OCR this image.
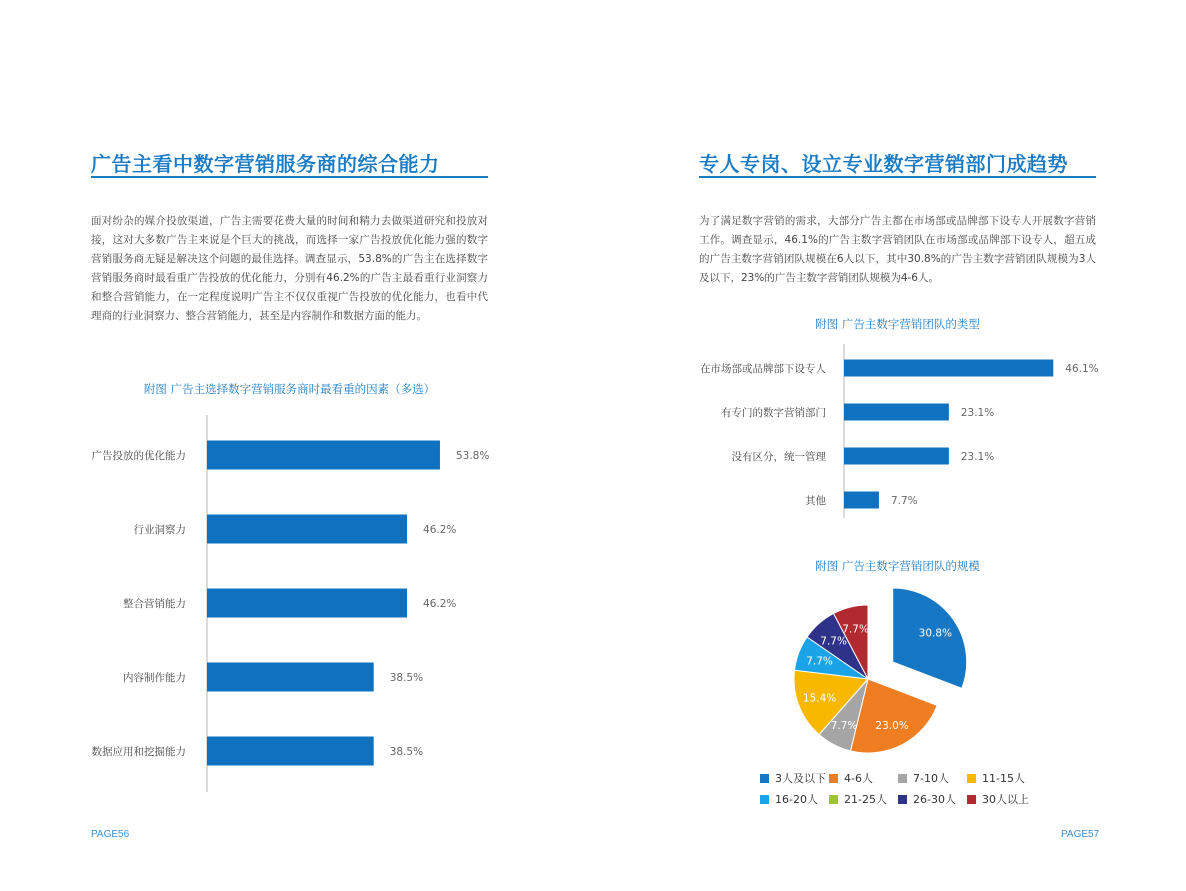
广告主看中数字营销服务商的综合能力
面对纷杂的媒介投放渠道，广告主需要花费大量的时间和精力去做渠道研究和投放对接，这对大多数广告主来说是个巨大的挑战，而选择一家广告投放优化能力强的数字营销服务商无疑是解决这个问题的最佳选择。调查显示，53.8%的广告主在选择数字营销服务商时最看重广告投放的优化能力，分别有46.2%的广告主最看重行业洞察力和整合营销能力，在一定程度说明广告主不仅仅重视广告投放的优化能力，也看中代理商的行业洞察力、整合营销能力，甚至是内容制作和数据方面的能力。
附图 广告主选择数字营销服务商时最看重的因素（多选）
广告投放的优化能力	53.8%
行业洞察力	46.2%
整合营销能力	46.2%
内容制作能力	38.5%
数据应用和挖掘能力	38.5%
PAGE56
专人专岗、设立专业数字营销部门成趋势
为了满足数字营销的需求，大部分广告主都在市场部或品牌部下设专人开展数字营销工作。调查显示，46.1%的广告主数字营销团队在市场部或品牌部下设专人，超五成的广告主数字营销团队规模在6人以下，其中30.8%的广告主数字营销团队规模为3人及以下，23%的广告主数字营销团队规模为4-6人。
附图 广告主数字营销团队的类型
在市场部或品牌部下设专人	46.1%
有专门的数字营销部门	23.1%
没有区分，统一管理	23.1%
其他	7.7%
附图 广告主数字营销团队的规模
30.8%
23.0%
7.7%
15.4%
7.7%
7.7%
7.7%
3人及以下 4-6人	7-10人	11-15人
16-20人 21-25人 26-30人 30人以上
PAGE57
